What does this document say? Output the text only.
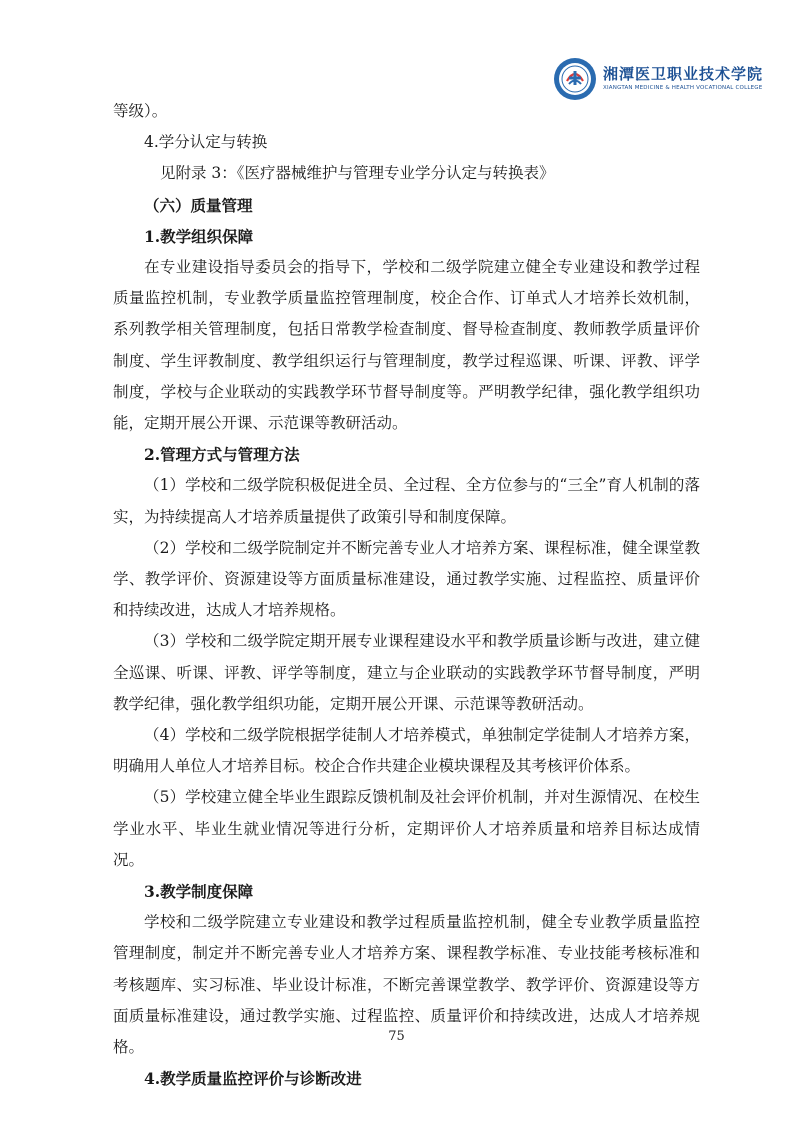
湘潭医卫职业技术学院
XIANGTAN MEDICINE & HEALTH VOCATIONAL COLLEGE

等级）。

4.学分认定与转换

见附录 3：《医疗器械维护与管理专业学分认定与转换表》

（六）质量管理

1.教学组织保障

在专业建设指导委员会的指导下，学校和二级学院建立健全专业建设和教学过程质量监控机制，专业教学质量监控管理制度，校企合作、订单式人才培养长效机制，系列教学相关管理制度，包括日常教学检查制度、督导检查制度、教师教学质量评价制度、学生评教制度、教学组织运行与管理制度，教学过程巡课、听课、评教、评学制度，学校与企业联动的实践教学环节督导制度等。严明教学纪律，强化教学组织功能，定期开展公开课、示范课等教研活动。

2.管理方式与管理方法

（1）学校和二级学院积极促进全员、全过程、全方位参与的“三全”育人机制的落实，为持续提高人才培养质量提供了政策引导和制度保障。

（2）学校和二级学院制定并不断完善专业人才培养方案、课程标准，健全课堂教学、教学评价、资源建设等方面质量标准建设，通过教学实施、过程监控、质量评价和持续改进，达成人才培养规格。

（3）学校和二级学院定期开展专业课程建设水平和教学质量诊断与改进，建立健全巡课、听课、评教、评学等制度，建立与企业联动的实践教学环节督导制度，严明教学纪律，强化教学组织功能，定期开展公开课、示范课等教研活动。

（4）学校和二级学院根据学徒制人才培养模式，单独制定学徒制人才培养方案，明确用人单位人才培养目标。校企合作共建企业模块课程及其考核评价体系。

（5）学校建立健全毕业生跟踪反馈机制及社会评价机制，并对生源情况、在校生学业水平、毕业生就业情况等进行分析，定期评价人才培养质量和培养目标达成情况。

3.教学制度保障

学校和二级学院建立专业建设和教学过程质量监控机制，健全专业教学质量监控管理制度，制定并不断完善专业人才培养方案、课程教学标准、专业技能考核标准和考核题库、实习标准、毕业设计标准，不断完善课堂教学、教学评价、资源建设等方面质量标准建设，通过教学实施、过程监控、质量评价和持续改进，达成人才培养规格。

4.教学质量监控评价与诊断改进

75
